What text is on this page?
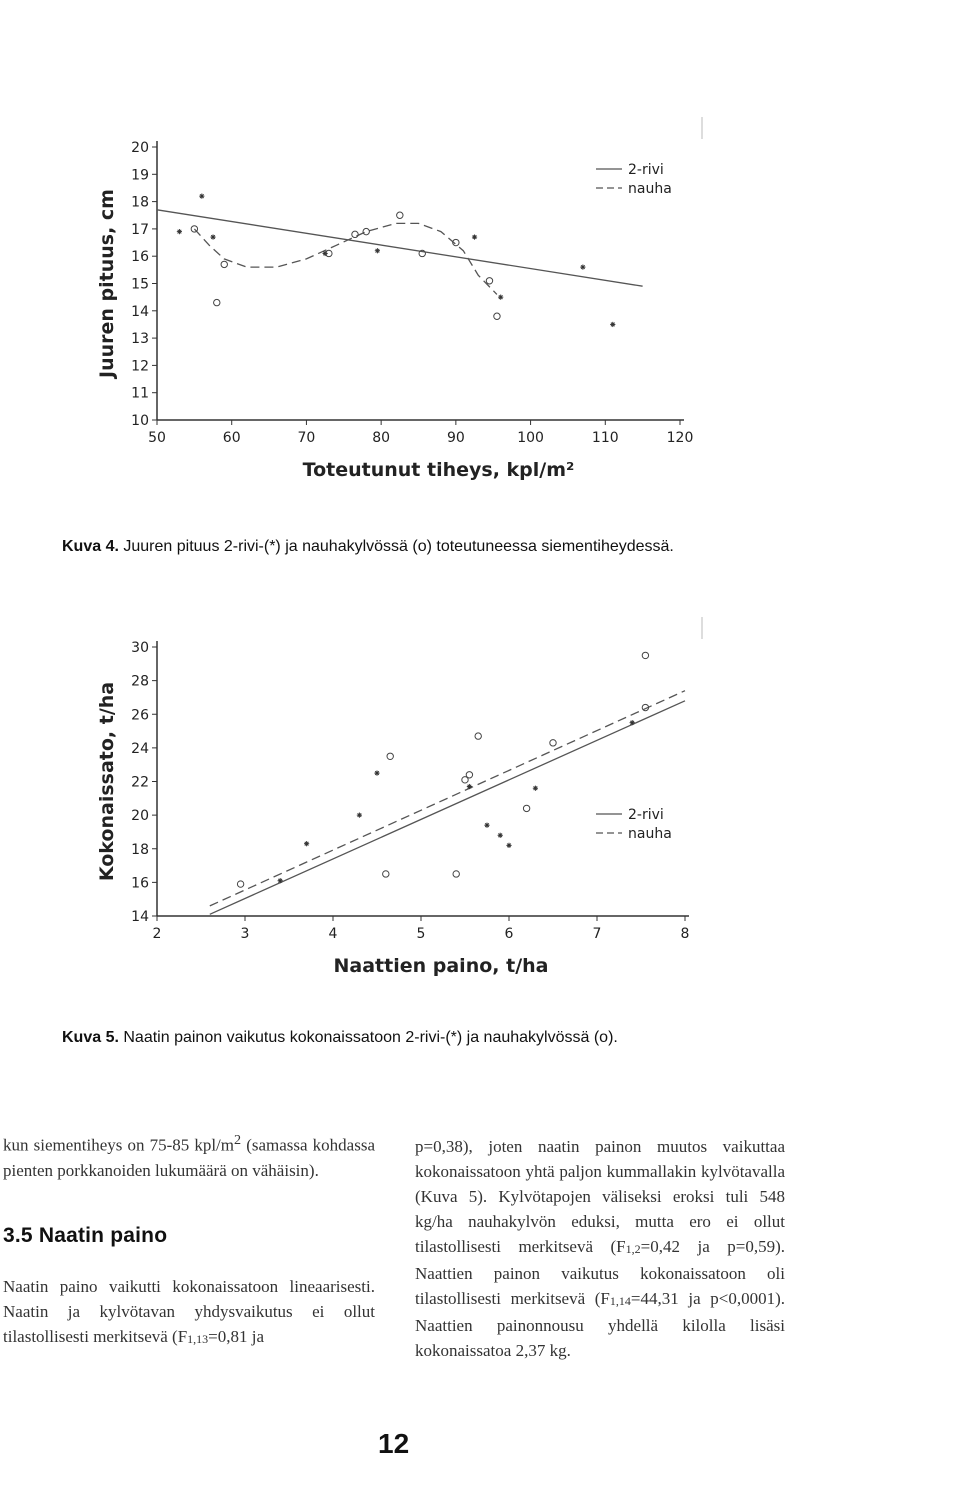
50	60	70	80	90	100	110	120
10
11
12
13
14
15
16
17
18
19
20
Toteutunut tiheys, kpl/m²
Juuren pituus, cm
2-rivi
nauha
Kuva 4. Juuren pituus 2-rivi-(*) ja nauhakylvössä (o) toteutuneessa siementiheydessä.
2	3	4	5	6	7	8
14
16
18
20
22
24
26
28
30
Naattien paino, t/ha
Kokonaissato, t/ha	2-rivi
nauha
Kuva 5. Naatin painon vaikutus kokonaissatoon 2-rivi-(*) ja nauhakylvössä (o).

kun siementiheys on 75-85 kpl/$m^2$ (samassa kohdassa pienten porkkanoiden lukumäärä on vähäisin).

3.5 Naatin paino

Naatin paino vaikutti kokonaissatoon lineaarisesti. Naatin ja kylvötavan yhdysvaikutus ei ollut tilastollisesti merkitsevä (F1,13=0,81 ja

p=0,38), joten naatin painon muutos vaikuttaa kokonaissatoon yhtä paljon kummallakin kylvötavalla (Kuva 5). Kylvötapojen väliseksi eroksi tuli 548 kg/ha nauhakylvön eduksi, mutta ero ei ollut tilastollisesti merkitsevä (F1,2=0,42 ja p=0,59). Naattien painon vaikutus kokonaissatoon oli tilastollisesti merkitsevä (F1,14=44,31 ja p<0,0001). Naattien painonnousu yhdellä kilolla lisäsi kokonaissatoa 2,37 kg.

12
